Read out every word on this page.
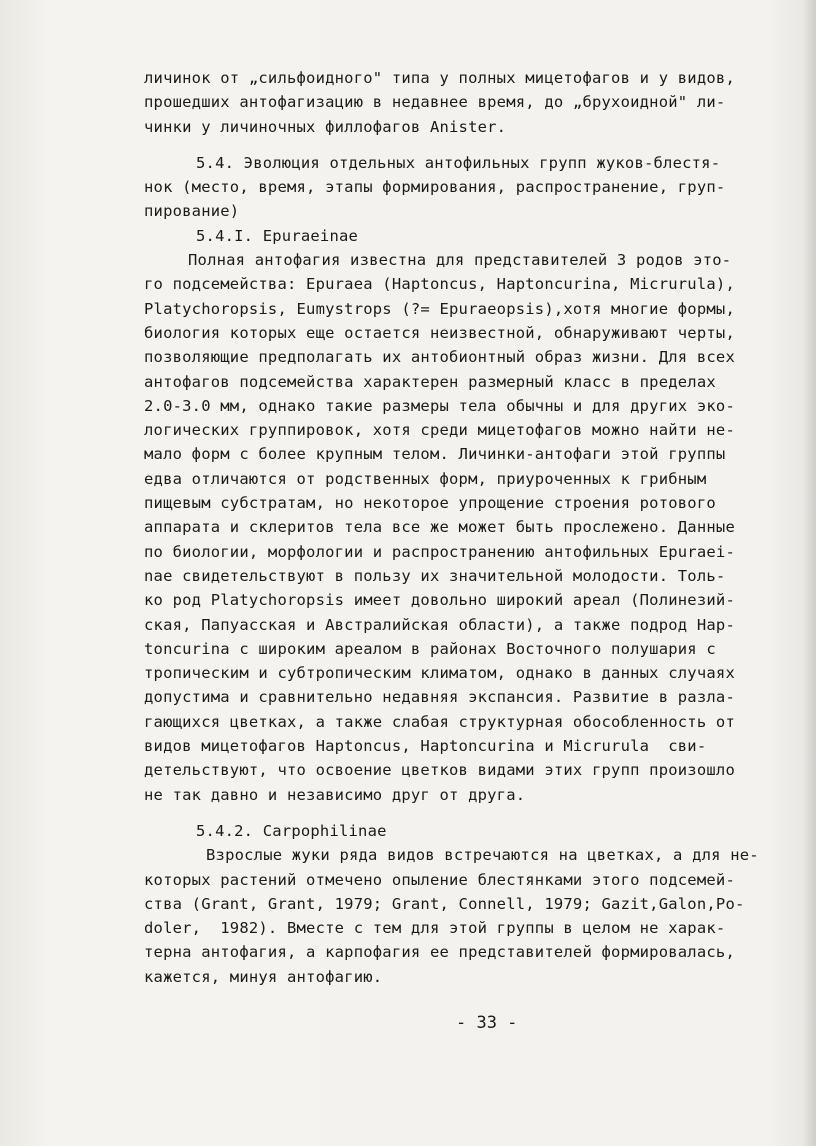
личинок от „сильфоидного" типа у полных мицетофагов и у видов,
прошедших антофагизацию в недавнее время, до „брухоидной" ли-
чинки у личиночных филлофагов Anister.
5.4. Эволюция отдельных антофильных групп жуков-блестя-
нок (место, время, этапы формирования, распространение, груп-
пирование)
5.4.I. Epuraeinae
Полная антофагия известна для представителей 3 родов это-
го подсемейства: Epuraea (Haptoncus, Haptoncurina, Micrurula),
Platychoropsis, Eumystrops (?= Epuraeopsis),хотя многие формы,
биология которых еще остается неизвестной, обнаруживают черты,
позволяющие предполагать их антобионтный образ жизни. Для всех
антофагов подсемейства характерен размерный класс в пределах
2.0-3.0 мм, однако такие размеры тела обычны и для других эко-
логических группировок, хотя среди мицетофагов можно найти не-
мало форм с более крупным телом. Личинки-антофаги этой группы
едва отличаются от родственных форм, приуроченных к грибным
пищевым субстратам, но некоторое упрощение строения ротового
аппарата и склеритов тела все же может быть прослежено. Данные
по биологии, морфологии и распространению антофильных Epuraei-
nae свидетельствуют в пользу их значительной молодости. Толь-
ко род Platychoropsis имеет довольно широкий ареал (Полинезий-
ская, Папуасская и Австралийская области), а также подрод Hap-
toncurina с широким ареалом в районах Восточного полушария с
тропическим и субтропическим климатом, однако в данных случаях
допустима и сравнительно недавняя экспансия. Развитие в разла-
гающихся цветках, а также слабая структурная обособленность от
видов мицетофагов Haptoncus, Haptoncurina и Micrurula  сви-
детельствуют, что освоение цветков видами этих групп произошло
не так давно и независимо друг от друга.
5.4.2. Carpophilinae
Взрослые жуки ряда видов встречаются на цветках, а для не-
которых растений отмечено опыление блестянками этого подсемей-
ства (Grant, Grant, 1979; Grant, Connell, 1979; Gazit,Galon,Po-
doler,  1982). Вместе с тем для этой группы в целом не харак-
терна антофагия, а карпофагия ее представителей формировалась,
кажется, минуя антофагию.
- 33 -
